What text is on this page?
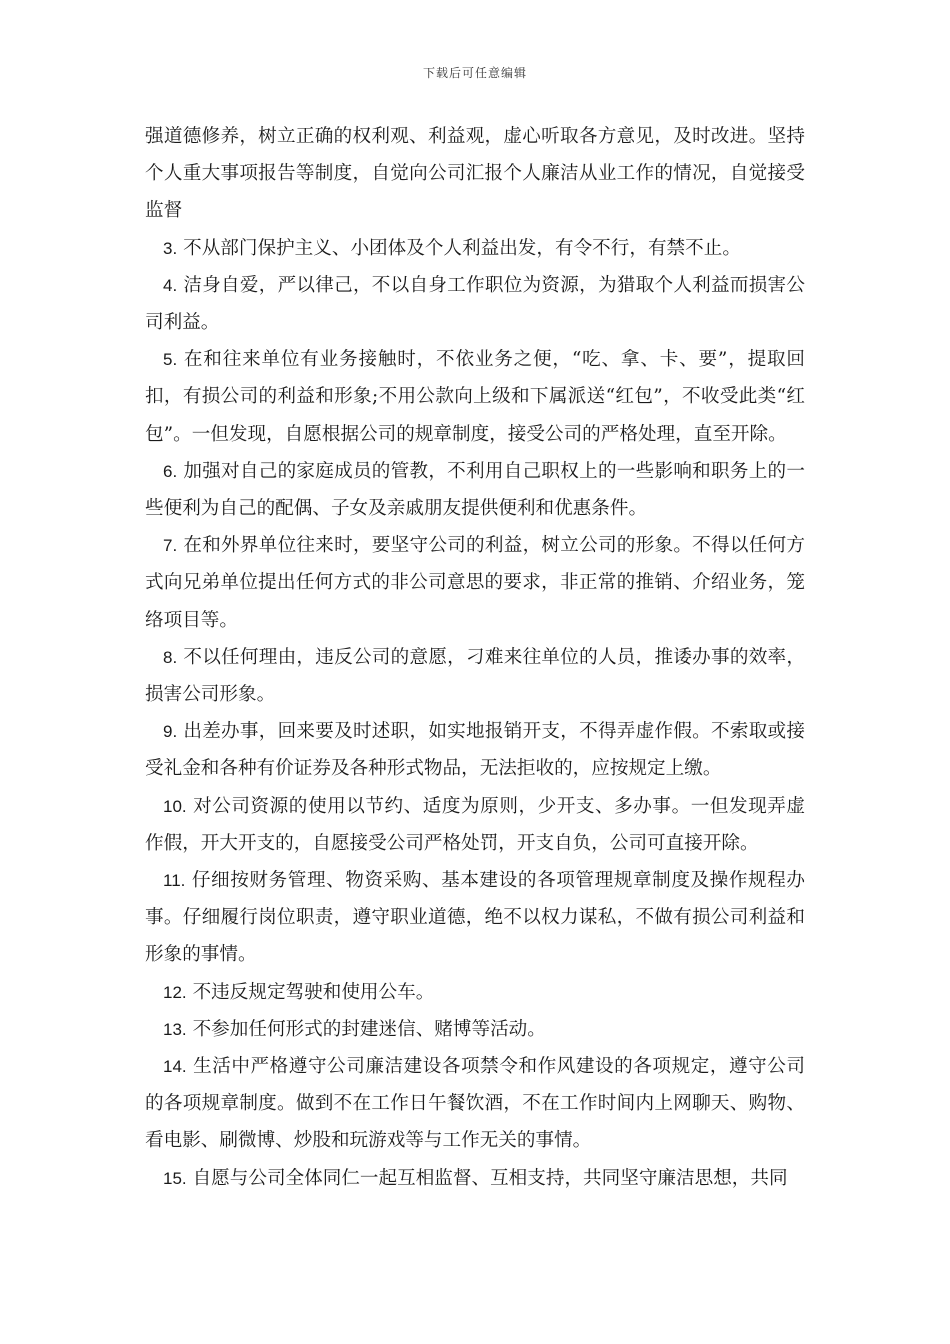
下载后可任意编辑

强道德修养，树立正确的权利观、利益观，虚心听取各方意见，及时改进。坚持个人重大事项报告等制度，自觉向公司汇报个人廉洁从业工作的情况，自觉接受监督

3. 不从部门保护主义、小团体及个人利益出发，有令不行，有禁不止。

4. 洁身自爱，严以律己，不以自身工作职位为资源，为猎取个人利益而损害公司利益。

5. 在和往来单位有业务接触时，不依业务之便，“吃、拿、卡、要”，提取回扣，有损公司的利益和形象;不用公款向上级和下属派送“红包”，不收受此类“红包”。一但发现，自愿根据公司的规章制度，接受公司的严格处理，直至开除。

6. 加强对自己的家庭成员的管教，不利用自己职权上的一些影响和职务上的一些便利为自己的配偶、子女及亲戚朋友提供便利和优惠条件。

7. 在和外界单位往来时，要坚守公司的利益，树立公司的形象。不得以任何方式向兄弟单位提出任何方式的非公司意思的要求，非正常的推销、介绍业务，笼络项目等。

8. 不以任何理由，违反公司的意愿，刁难来往单位的人员，推诿办事的效率，损害公司形象。

9. 出差办事，回来要及时述职，如实地报销开支，不得弄虚作假。不索取或接受礼金和各种有价证券及各种形式物品，无法拒收的，应按规定上缴。

10. 对公司资源的使用以节约、适度为原则，少开支、多办事。一但发现弄虚作假，开大开支的，自愿接受公司严格处罚，开支自负，公司可直接开除。

11. 仔细按财务管理、物资采购、基本建设的各项管理规章制度及操作规程办事。仔细履行岗位职责，遵守职业道德，绝不以权力谋私，不做有损公司利益和形象的事情。

12. 不违反规定驾驶和使用公车。

13. 不参加任何形式的封建迷信、赌博等活动。

14. 生活中严格遵守公司廉洁建设各项禁令和作风建设的各项规定，遵守公司的各项规章制度。做到不在工作日午餐饮酒，不在工作时间内上网聊天、购物、看电影、刷微博、炒股和玩游戏等与工作无关的事情。

15. 自愿与公司全体同仁一起互相监督、互相支持，共同坚守廉洁思想，共同
